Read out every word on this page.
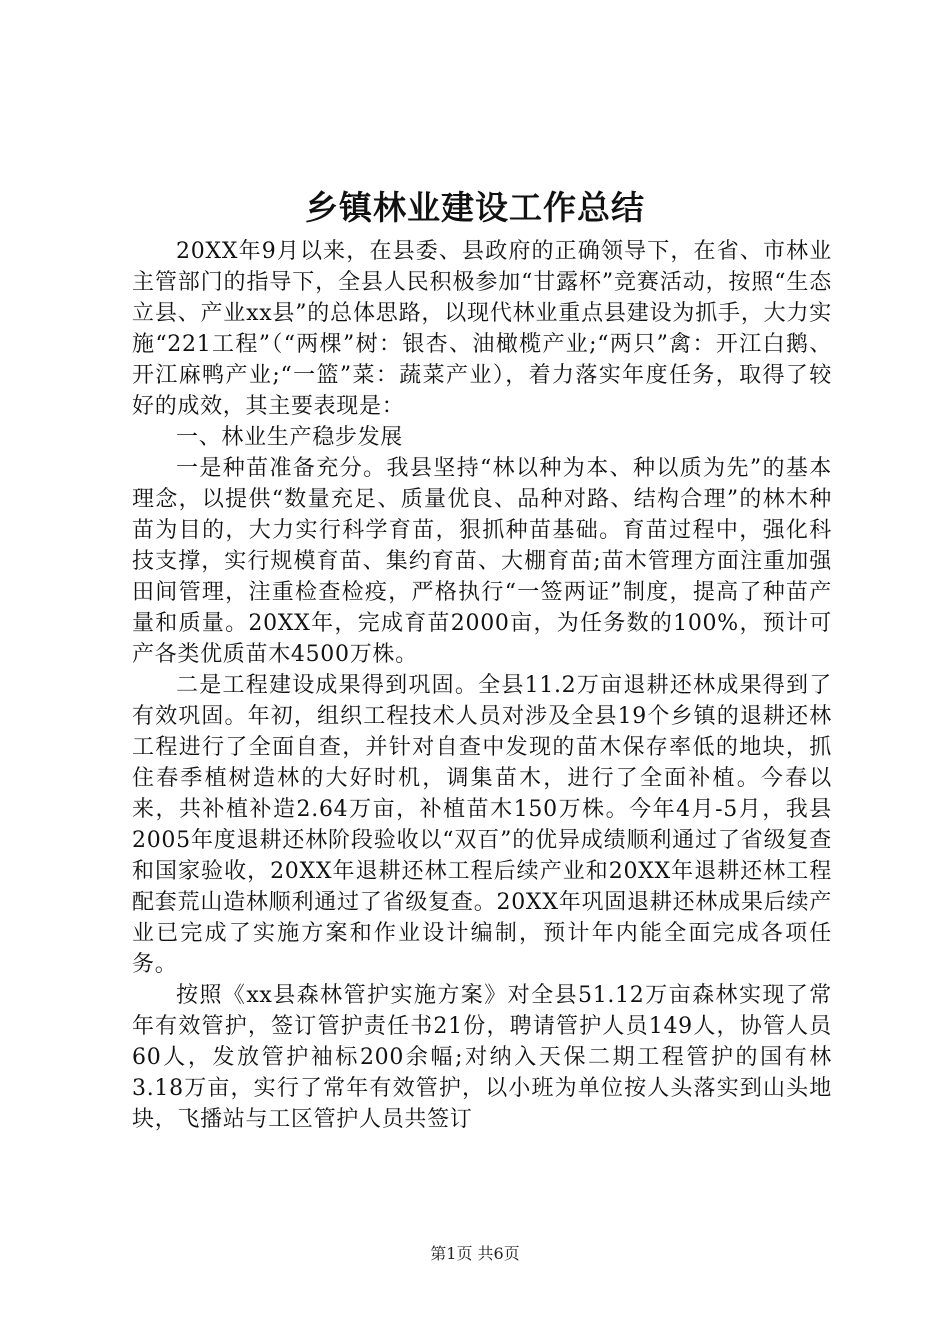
乡镇林业建设工作总结

20XX年9月以来，在县委、县政府的正确领导下，在省、市林业主管部门的指导下，全县人民积极参加“甘露杯”竞赛活动，按照“生态立县、产业xx县”的总体思路，以现代林业重点县建设为抓手，大力实施“221工程”（“两棵”树：银杏、油橄榄产业;“两只”禽：开江白鹅、开江麻鸭产业;“一篮”菜：蔬菜产业），着力落实年度任务，取得了较好的成效，其主要表现是：

一、林业生产稳步发展

一是种苗准备充分。我县坚持“林以种为本、种以质为先”的基本理念，以提供“数量充足、质量优良、品种对路、结构合理”的林木种苗为目的，大力实行科学育苗，狠抓种苗基础。育苗过程中，强化科技支撑，实行规模育苗、集约育苗、大棚育苗;苗木管理方面注重加强田间管理，注重检查检疫，严格执行“一签两证”制度，提高了种苗产量和质量。20XX年，完成育苗2000亩，为任务数的100%，预计可产各类优质苗木4500万株。

二是工程建设成果得到巩固。全县11.2万亩退耕还林成果得到了有效巩固。年初，组织工程技术人员对涉及全县19个乡镇的退耕还林工程进行了全面自查，并针对自查中发现的苗木保存率低的地块，抓住春季植树造林的大好时机，调集苗木，进行了全面补植。今春以来，共补植补造2.64万亩，补植苗木150万株。今年4月-5月，我县2005年度退耕还林阶段验收以“双百”的优异成绩顺利通过了省级复查和国家验收，20XX年退耕还林工程后续产业和20XX年退耕还林工程配套荒山造林顺利通过了省级复查。20XX年巩固退耕还林成果后续产业已完成了实施方案和作业设计编制，预计年内能全面完成各项任务。

按照《xx县森林管护实施方案》对全县51.12万亩森林实现了常年有效管护，签订管护责任书21份，聘请管护人员149人，协管人员60人，发放管护袖标200余幅;对纳入天保二期工程管护的国有林3.18万亩，实行了常年有效管护，以小班为单位按人头落实到山头地块，飞播站与工区管护人员共签订

第1页 共6页
